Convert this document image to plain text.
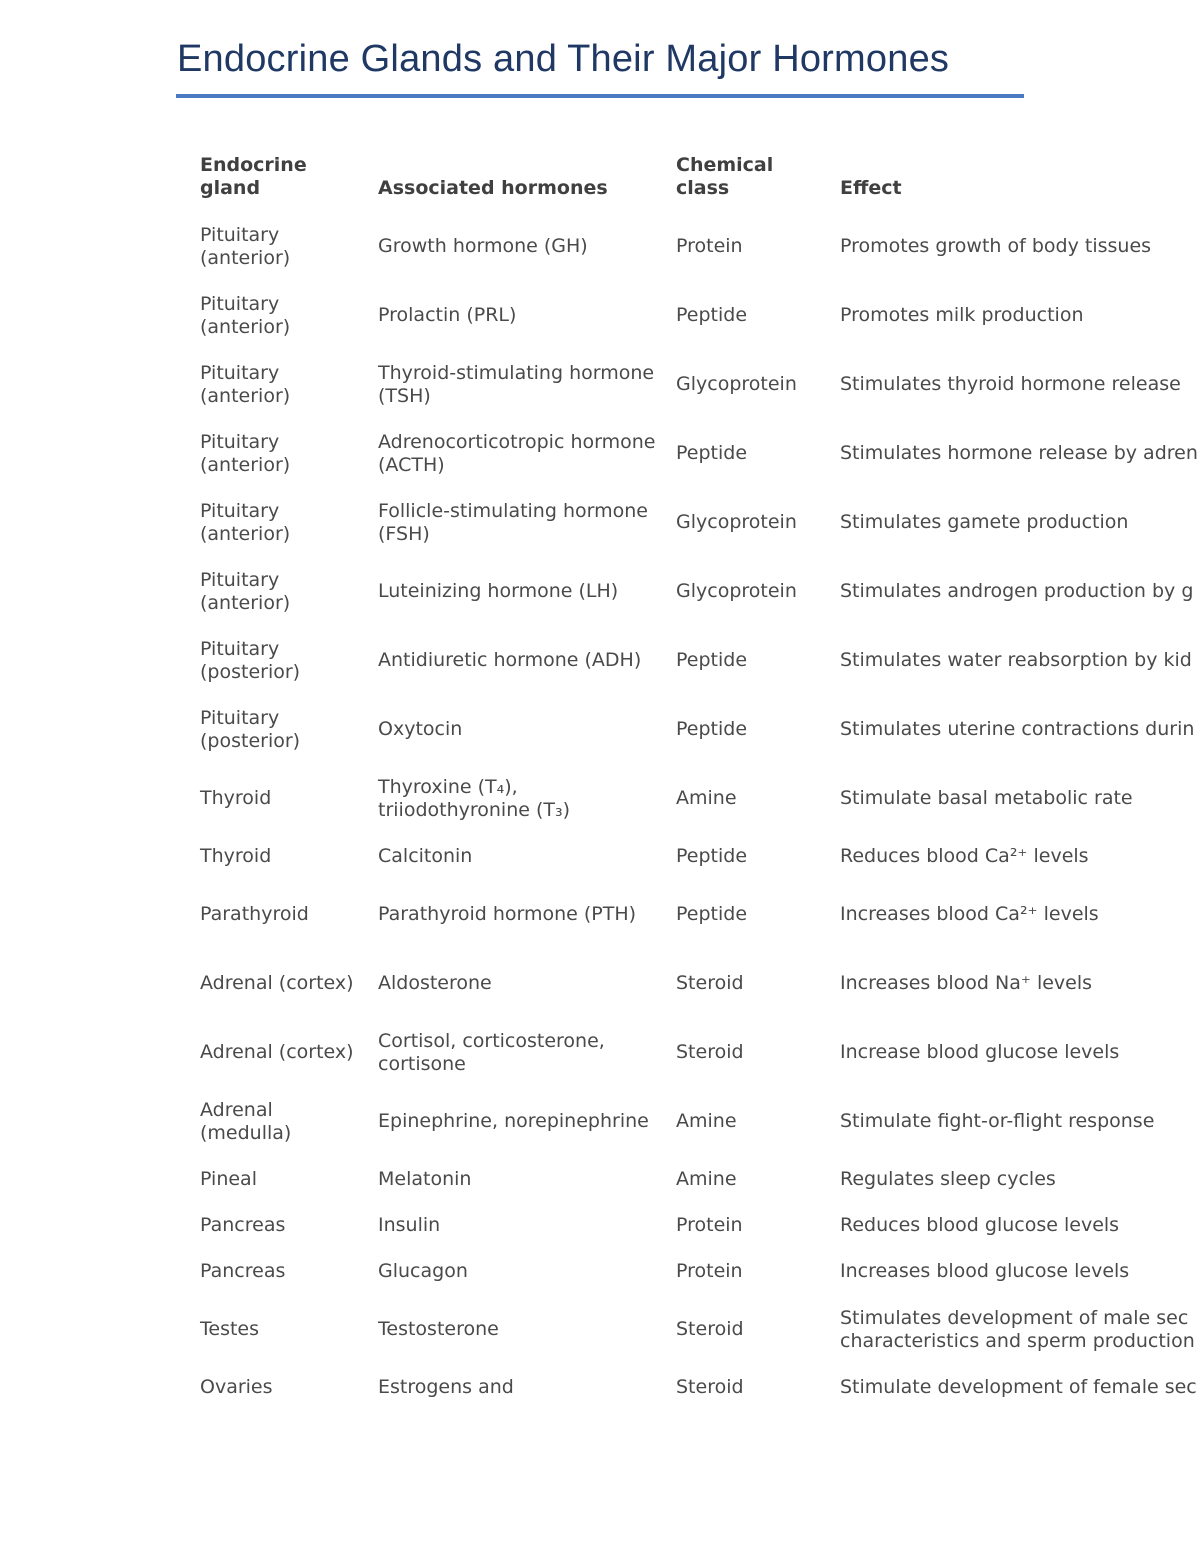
Endocrine Glands and Their Major Hormones
Endocrine gland	Associated hormones	Chemical class	Effect
Pituitary (anterior)	Growth hormone (GH)	Protein	Promotes growth of body tissues
Pituitary (anterior)	Prolactin (PRL)	Peptide	Promotes milk production
Pituitary (anterior)	Thyroid-stimulating hormone (TSH)	Glycoprotein	Stimulates thyroid hormone release
Pituitary (anterior)	Adrenocorticotropic hormone (ACTH)	Peptide	Stimulates hormone release by adren
Pituitary (anterior)	Follicle-stimulating hormone (FSH)	Glycoprotein	Stimulates gamete production
Pituitary (anterior)	Luteinizing hormone (LH)	Glycoprotein	Stimulates androgen production by g
Pituitary (posterior)	Antidiuretic hormone (ADH)	Peptide	Stimulates water reabsorption by kid
Pituitary (posterior)	Oxytocin	Peptide	Stimulates uterine contractions durin
Thyroid	Thyroxine (T₄), triiodothyronine (T₃)	Amine	Stimulate basal metabolic rate
Thyroid	Calcitonin	Peptide	Reduces blood Ca²⁺ levels
Parathyroid	Parathyroid hormone (PTH)	Peptide	Increases blood Ca²⁺ levels
Adrenal (cortex)	Aldosterone	Steroid	Increases blood Na⁺ levels
Adrenal (cortex)	Cortisol, corticosterone, cortisone	Steroid	Increase blood glucose levels
Adrenal (medulla)	Epinephrine, norepinephrine	Amine	Stimulate fight-or-flight response
Pineal	Melatonin	Amine	Regulates sleep cycles
Pancreas	Insulin	Protein	Reduces blood glucose levels
Pancreas	Glucagon	Protein	Increases blood glucose levels
Testes	Testosterone	Steroid	Stimulates development of male sec
characteristics and sperm production

Ovaries	Estrogens and	Steroid	Stimulate development of female sec
